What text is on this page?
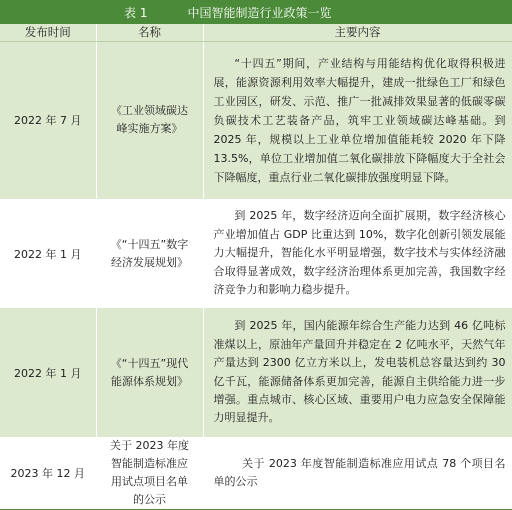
表 1	中国智能制造行业政策一览
发布时间	名称	主要内容
2022 年 7 月	《工业领域碳达峰实施方案》	“十四五”期间，产业结构与用能结构优化取得积极进展，能源资源利用效率大幅提升，建成一批绿色工厂和绿色工业园区，研发、示范、推广一批减排效果显著的低碳零碳负碳技术工艺装备产品，筑牢工业领域碳达峰基础。到 2025 年，规模以上工业单位增加值能耗较 2020 年下降 13.5%，单位工业增加值二氧化碳排放下降幅度大于全社会下降幅度，重点行业二氧化碳排放强度明显下降。

2022 年 1 月	《“十四五”数字经济发展规划》	到 2025 年，数字经济迈向全面扩展期，数字经济核心产业增加值占 GDP 比重达到 10%，数字化创新引领发展能力大幅提升，智能化水平明显增强，数字技术与实体经济融合取得显著成效，数字经济治理体系更加完善，我国数字经济竞争力和影响力稳步提升。

2022 年 1 月	《“十四五”现代能源体系规划》	到 2025 年，国内能源年综合生产能力达到 46 亿吨标准煤以上，原油年产量回升并稳定在 2 亿吨水平，天然气年产量达到 2300 亿立方米以上，发电装机总容量达到约 30 亿千瓦，能源储备体系更加完善，能源自主供给能力进一步增强。重点城市、核心区域、重要用户电力应急安全保障能力明显提升。

2023 年 12 月	关于 2023 年度智能制造标准应用试点项目名单的公示	关于 2023 年度智能制造标准应用试点 78 个项目名单的公示
